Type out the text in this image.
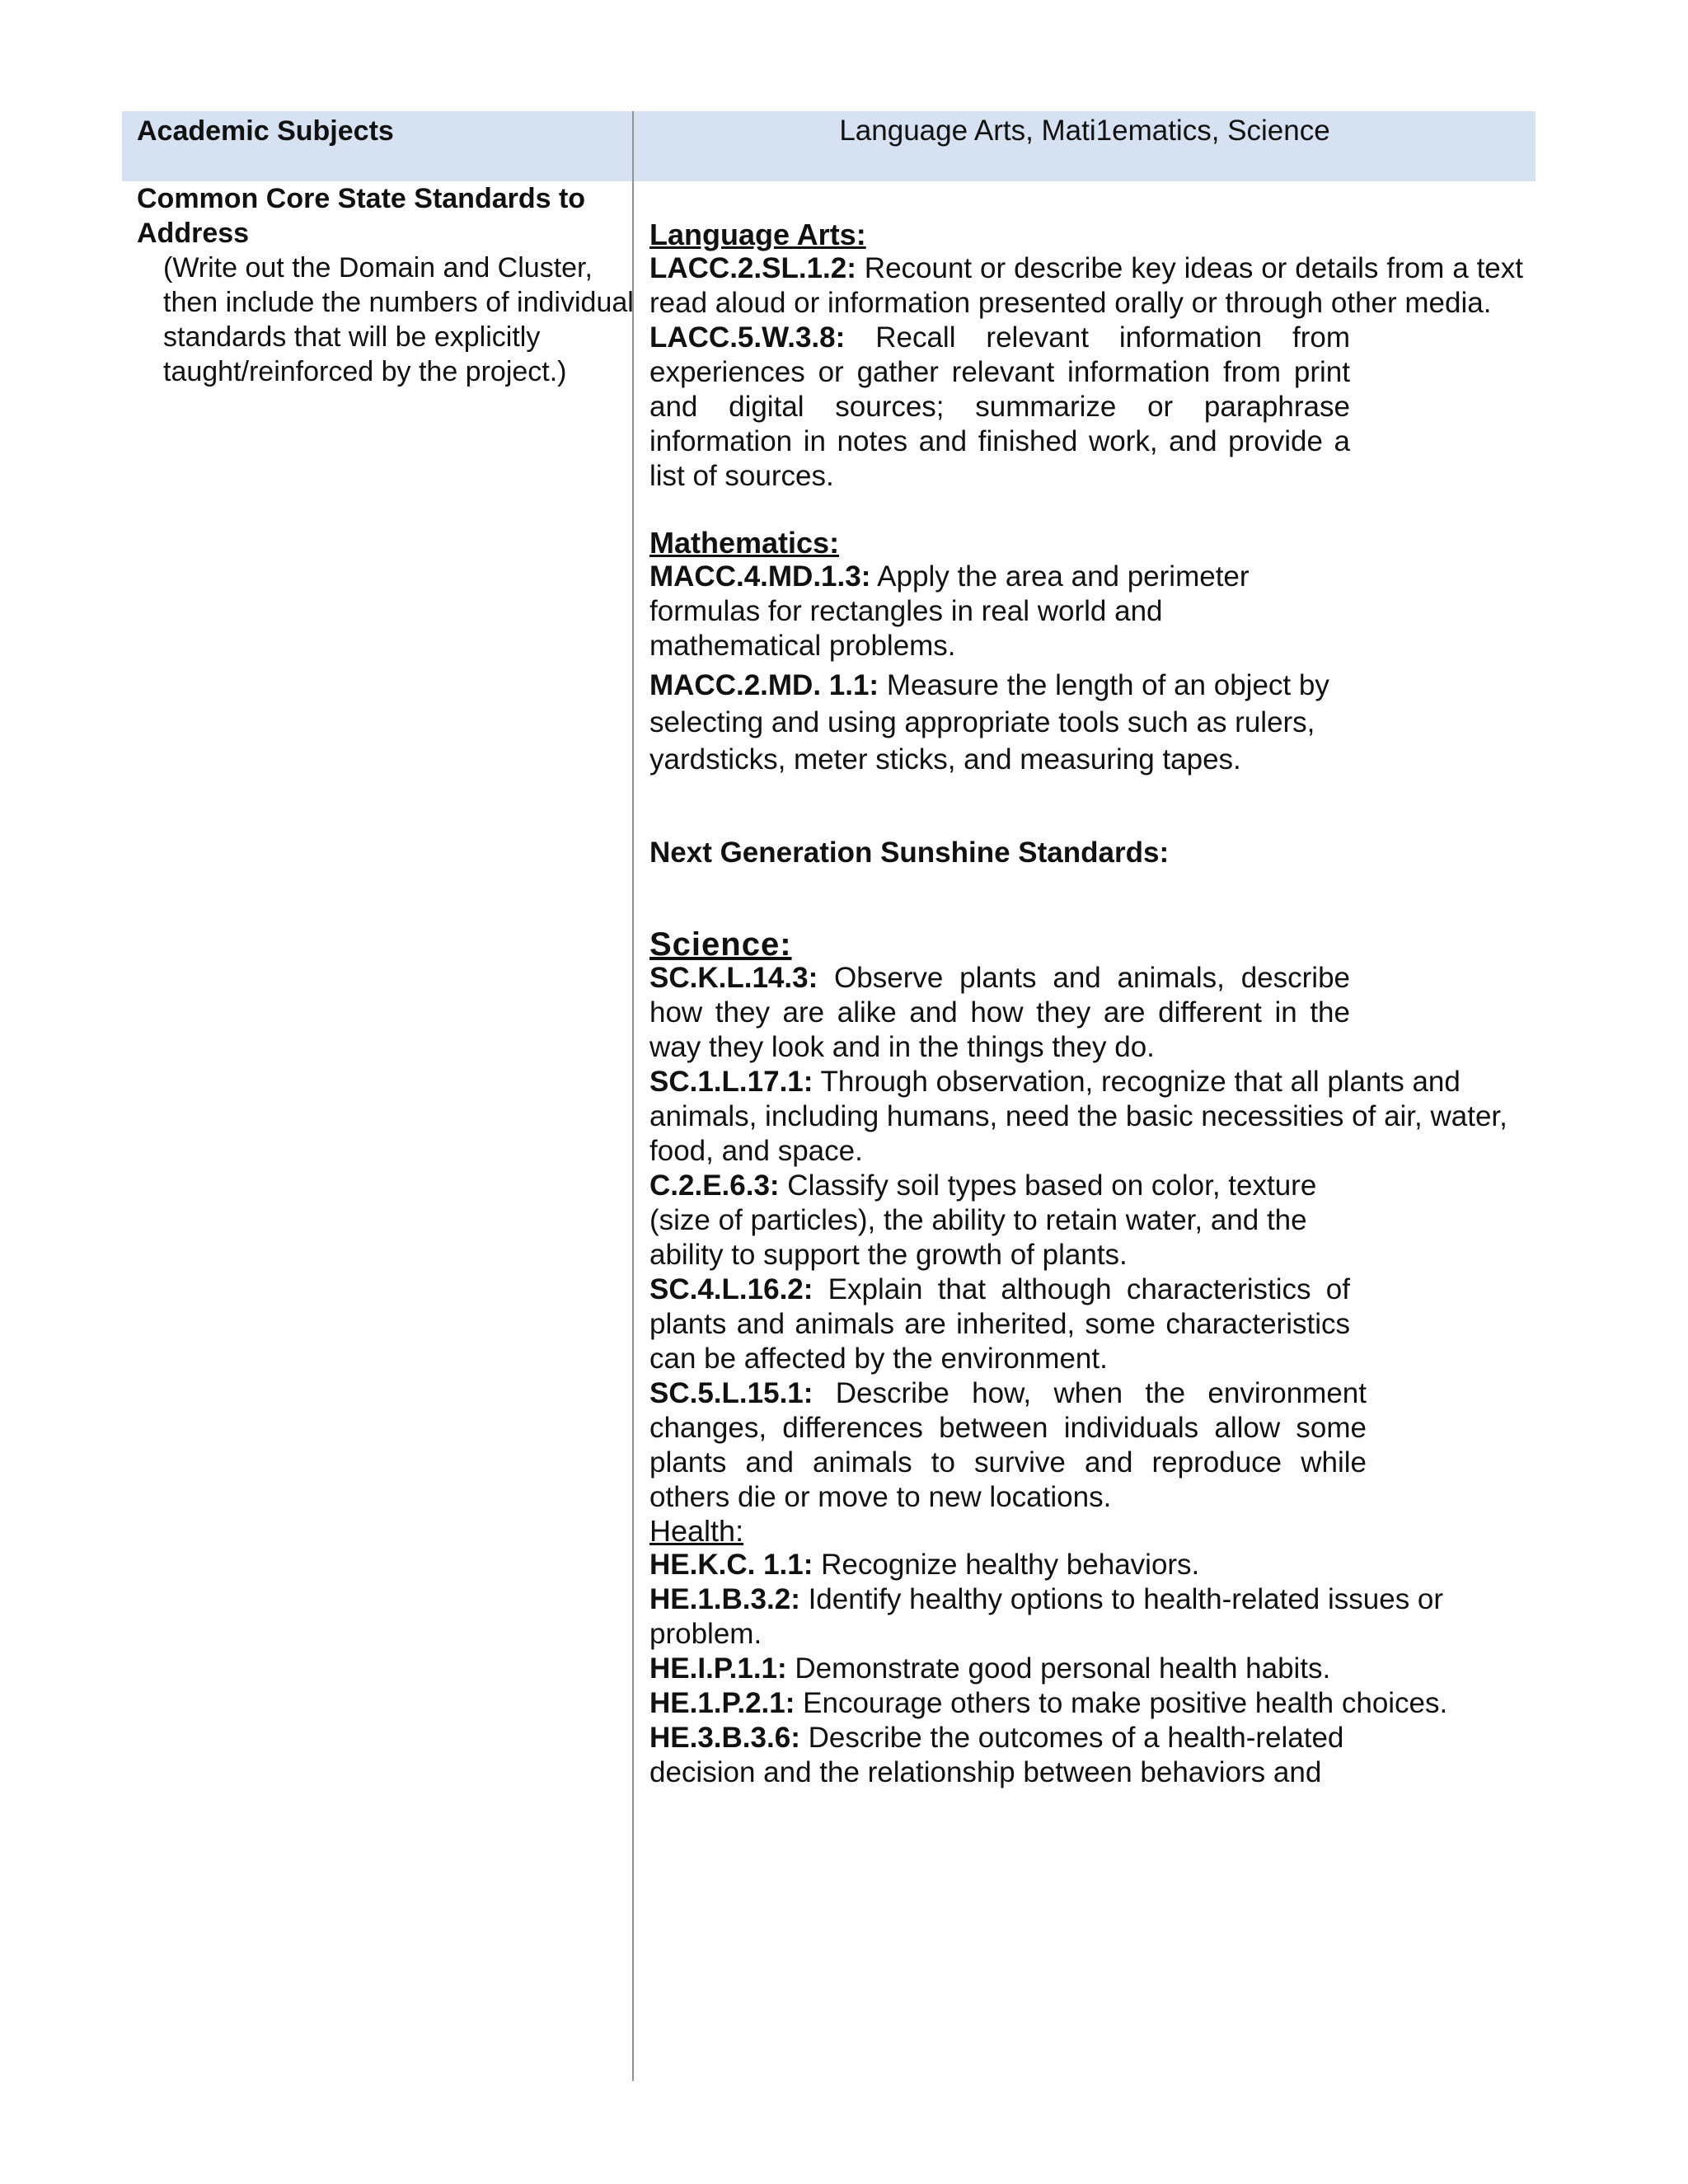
Academic Subjects	Language Arts, Mati1ematics, Science
Common Core State Standards to Address
(Write out the Domain and Cluster, then include the numbers of individual standards that will be explicitly taught/reinforced by the project.)
Language Arts:
LACC.2.SL.1.2: Recount or describe key ideas or details from a text read aloud or information presented orally or through other media.
LACC.5.W.3.8: Recall relevant information from experiences or gather relevant information from print and digital sources; summarize or paraphrase information in notes and finished work, and provide a list of sources.
Mathematics:
MACC.4.MD.1.3: Apply the area and perimeter formulas for rectangles in real world and mathematical problems.
MACC.2.MD. 1.1: Measure the length of an object by selecting and using appropriate tools such as rulers, yardsticks, meter sticks, and measuring tapes.
Next Generation Sunshine Standards:
Science:
SC.K.L.14.3: Observe plants and animals, describe how they are alike and how they are different in the way they look and in the things they do.
SC.1.L.17.1: Through observation, recognize that all plants and animals, including humans, need the basic necessities of air, water, food, and space.
C.2.E.6.3: Classify soil types based on color, texture (size of particles), the ability to retain water, and the ability to support the growth of plants.
SC.4.L.16.2: Explain that although characteristics of plants and animals are inherited, some characteristics can be affected by the environment.
SC.5.L.15.1: Describe how, when the environment changes, differences between individuals allow some plants and animals to survive and reproduce while others die or move to new locations.
Health:
HE.K.C. 1.1: Recognize healthy behaviors.
HE.1.B.3.2: Identify healthy options to health-related issues or problem.
HE.I.P.1.1: Demonstrate good personal health habits.
HE.1.P.2.1: Encourage others to make positive health choices.
HE.3.B.3.6: Describe the outcomes of a health-related decision and the relationship between behaviors and
